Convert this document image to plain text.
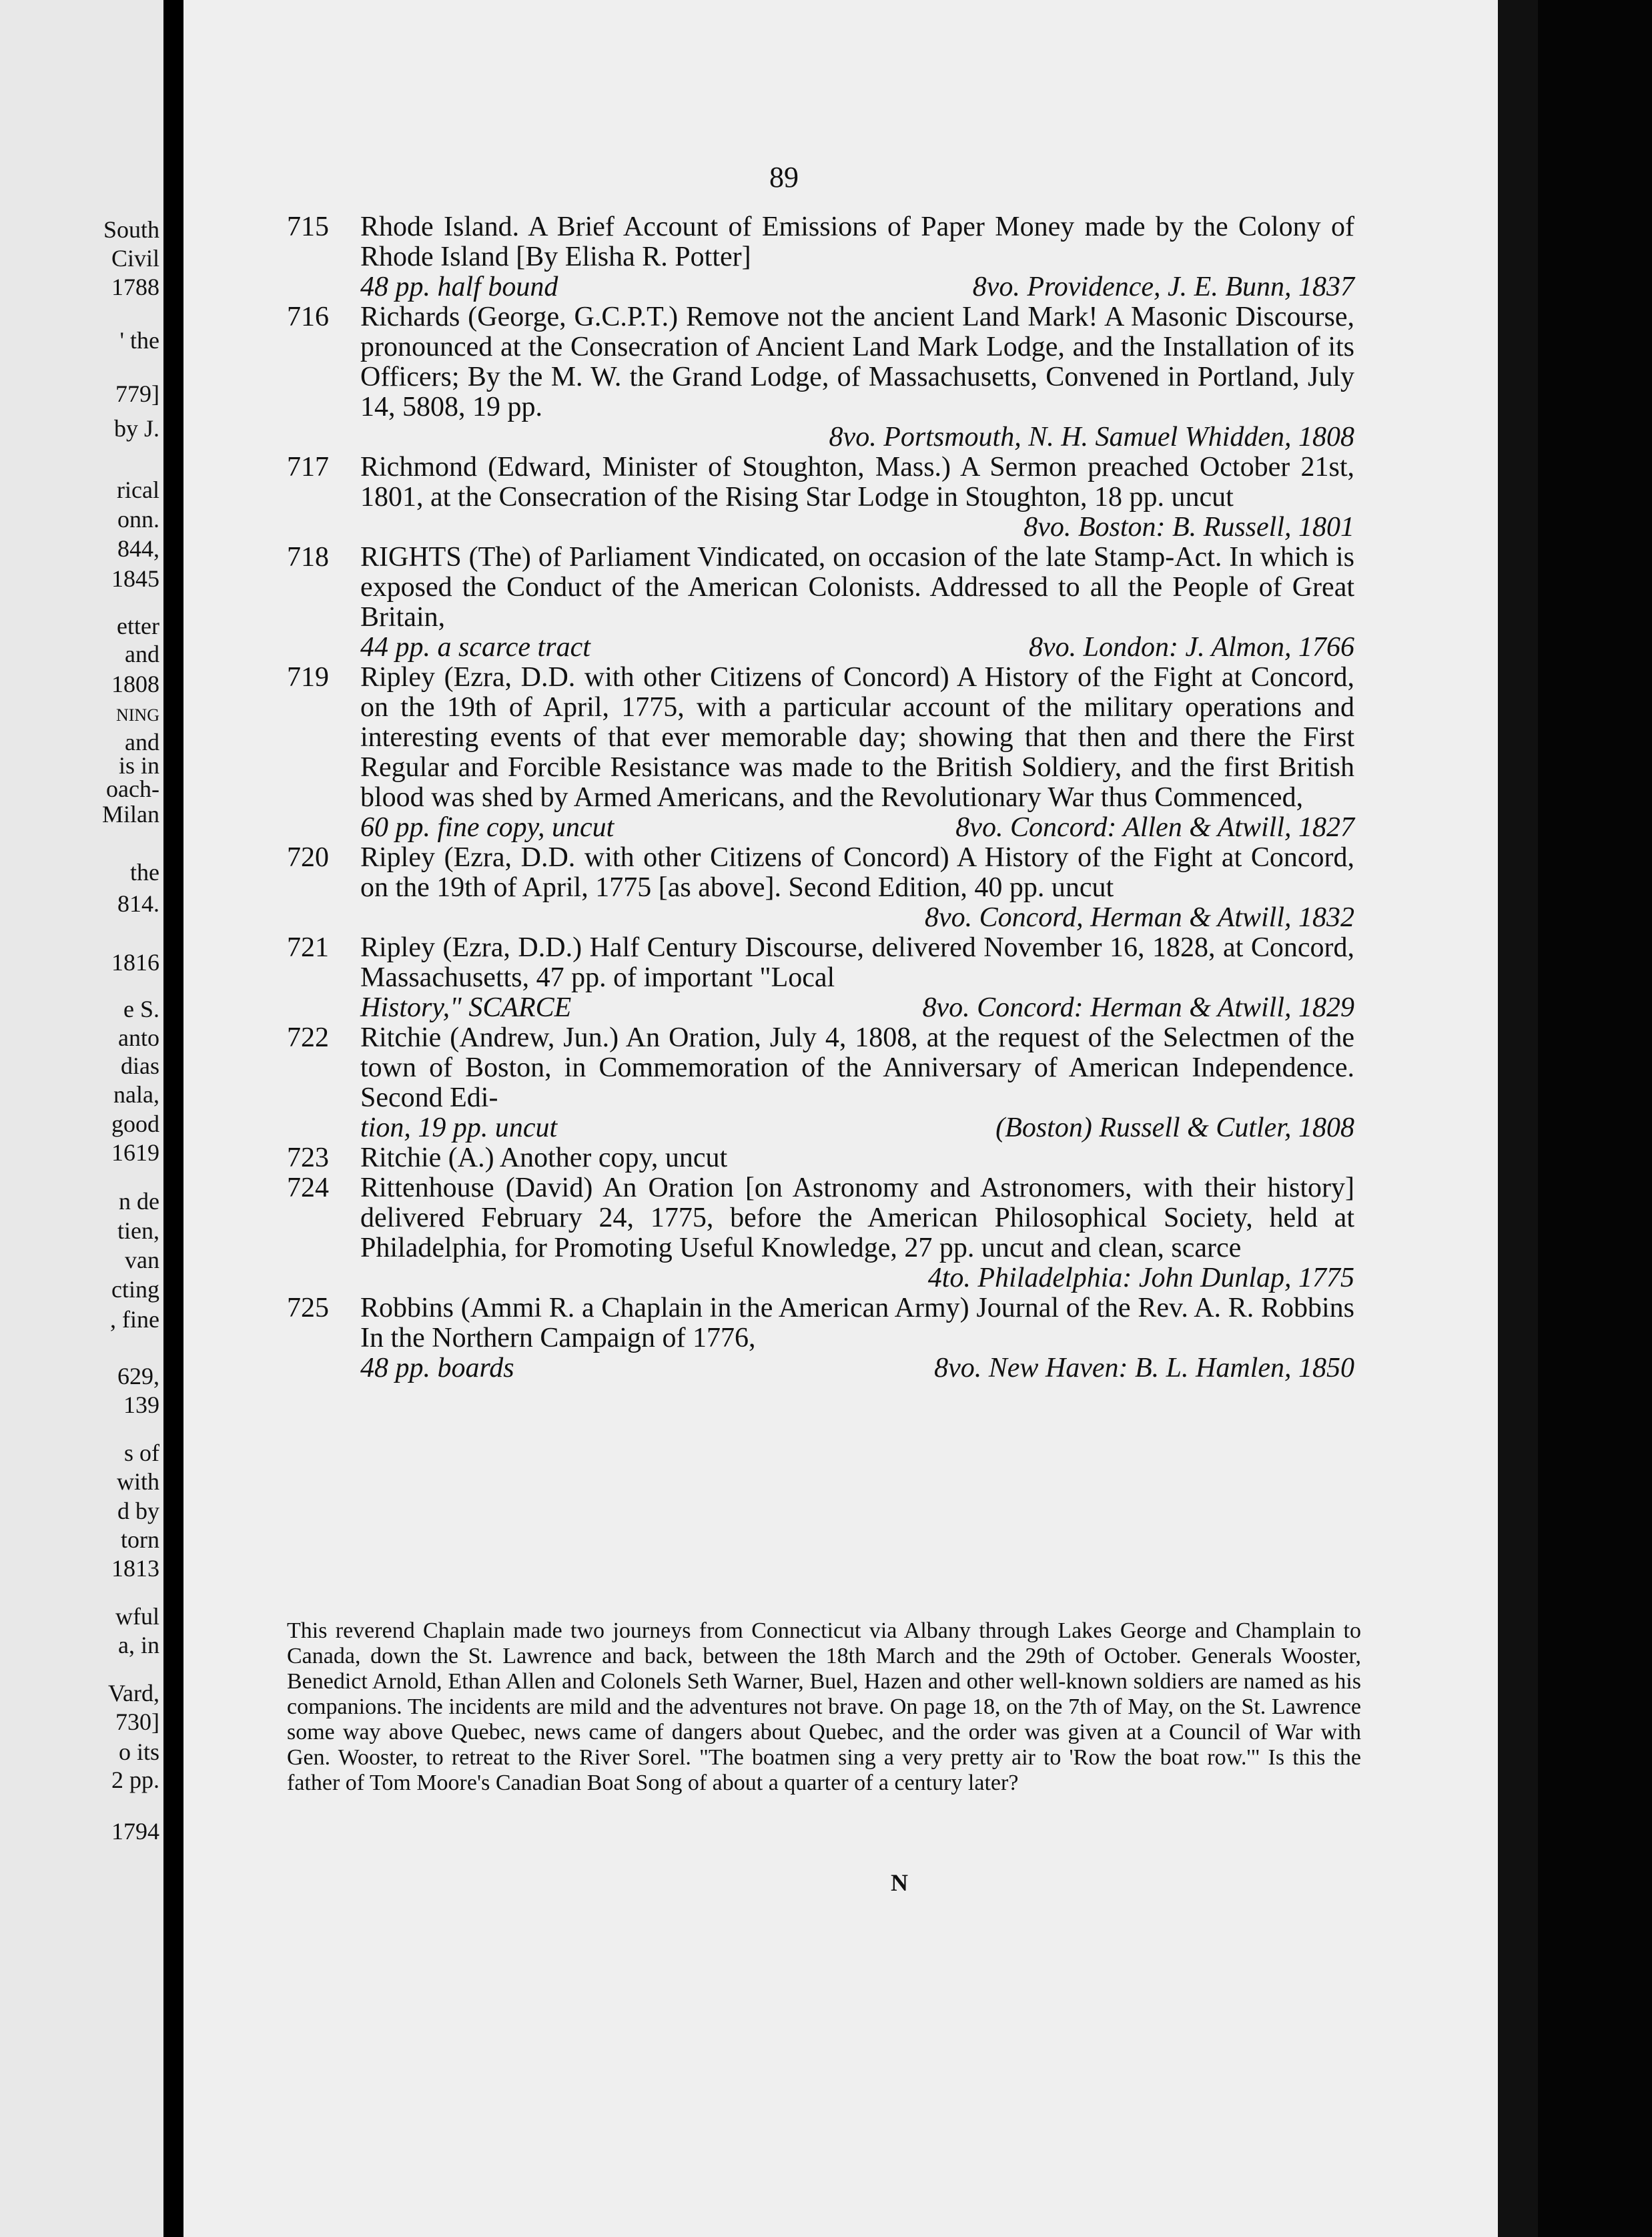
South
Civil
1788
' the
779]
by J.
rical
onn.
844,
1845
etter
and
1808
NING
and
is in
oach-
Milan
the
814.
1816
e S.
anto
dias
nala,
good
1619
n de
tien,
van
cting
, fine
629,
139
s of
with
d by
torn
1813
wful
a, in
Vard,
730]
o its
2 pp.
1794
89
715	Rhode Island. A Brief Account of Emissions of Paper Money made by the Colony of Rhode Island [By Elisha R. Potter]
48 pp. half bound	8vo. Providence, J. E. Bunn, 1837
716	Richards (George, G.C.P.T.) Remove not the ancient Land Mark! A Masonic Discourse, pronounced at the Consecration of Ancient Land Mark Lodge, and the Installation of its Officers; By the M. W. the Grand Lodge, of Massachusetts, Convened in Portland, July 14, 5808, 19 pp.
8vo. Portsmouth, N. H. Samuel Whidden, 1808
717	Richmond (Edward, Minister of Stoughton, Mass.) A Sermon preached October 21st, 1801, at the Consecration of the Rising Star Lodge in Stoughton, 18 pp. uncut
8vo. Boston: B. Russell, 1801
718	RIGHTS (The) of Parliament Vindicated, on occasion of the late Stamp-Act. In which is exposed the Conduct of the American Colonists. Addressed to all the People of Great Britain,
44 pp. a scarce tract	8vo. London: J. Almon, 1766
719	Ripley (Ezra, D.D. with other Citizens of Concord) A History of the Fight at Concord, on the 19th of April, 1775, with a particular account of the military operations and interesting events of that ever memorable day; showing that then and there the First Regular and Forcible Resistance was made to the British Soldiery, and the first British blood was shed by Armed Americans, and the Revolutionary War thus Commenced,
60 pp. fine copy, uncut	8vo. Concord: Allen & Atwill, 1827
720	Ripley (Ezra, D.D. with other Citizens of Concord) A History of the Fight at Concord, on the 19th of April, 1775 [as above]. Second Edition, 40 pp. uncut
8vo. Concord, Herman & Atwill, 1832
721	Ripley (Ezra, D.D.) Half Century Discourse, delivered November 16, 1828, at Concord, Massachusetts, 47 pp. of important "Local
History," SCARCE	8vo. Concord: Herman & Atwill, 1829
722	Ritchie (Andrew, Jun.) An Oration, July 4, 1808, at the request of the Selectmen of the town of Boston, in Commemoration of the Anniversary of American Independence. Second Edi-
tion, 19 pp. uncut	(Boston) Russell & Cutler, 1808
723	Ritchie (A.) Another copy, uncut
724	Rittenhouse (David) An Oration [on Astronomy and Astronomers, with their history] delivered February 24, 1775, before the American Philosophical Society, held at Philadelphia, for Promoting Useful Knowledge, 27 pp. uncut and clean, scarce
4to. Philadelphia: John Dunlap, 1775
725	Robbins (Ammi R. a Chaplain in the American Army) Journal of the Rev. A. R. Robbins In the Northern Campaign of 1776,
48 pp. boards	8vo. New Haven: B. L. Hamlen, 1850
This reverend Chaplain made two journeys from Connecticut via Albany through Lakes George and Champlain to Canada, down the St. Lawrence and back, between the 18th March and the 29th of October. Generals Wooster, Benedict Arnold, Ethan Allen and Colonels Seth Warner, Buel, Hazen and other well-known soldiers are named as his companions. The incidents are mild and the adventures not brave. On page 18, on the 7th of May, on the St. Lawrence some way above Quebec, news came of dangers about Quebec, and the order was given at a Council of War with Gen. Wooster, to retreat to the River Sorel. "The boatmen sing a very pretty air to 'Row the boat row.'" Is this the father of Tom Moore's Canadian Boat Song of about a quarter of a century later?
N
